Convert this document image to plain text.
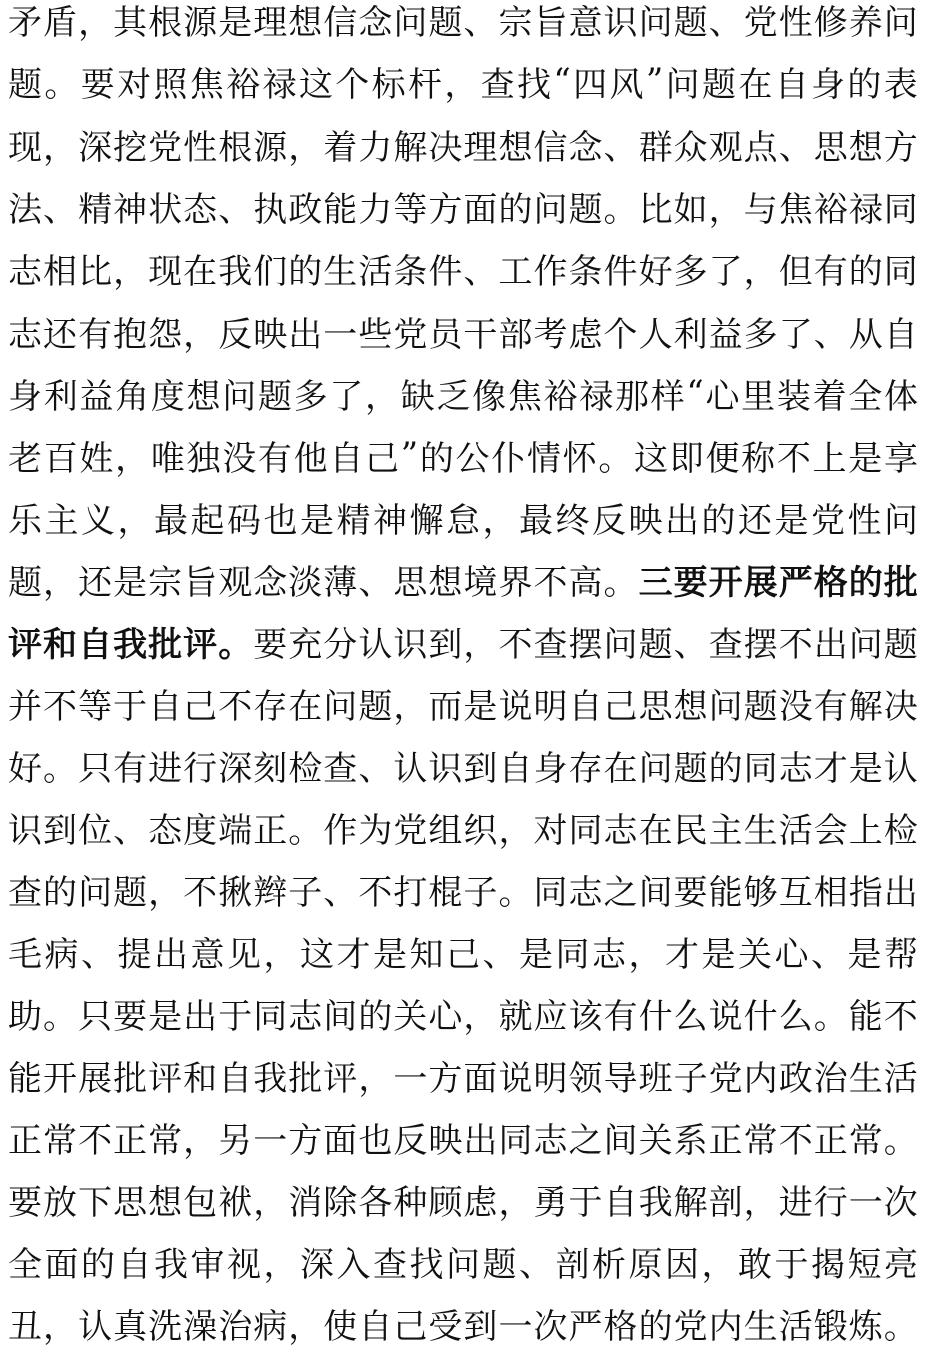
矛 盾 ， 其 根 源 是 理 想 信 念 问 题 、 宗 旨 意 识 问 题 、 党 性 修 养 问
题 。 要 对 照 焦 裕 禄 这 个 标 杆 ， 查 找 “ 四 风 ” 问 题 在 自 身 的 表
现 ， 深 挖 党 性 根 源 ， 着 力 解 决 理 想 信 念 、 群 众 观 点 、 思 想 方
法 、 精 神 状 态 、 执 政 能 力 等 方 面 的 问 题 。 比 如 ， 与 焦 裕 禄 同
志 相 比 ， 现 在 我 们 的 生 活 条 件 、 工 作 条 件 好 多 了 ， 但 有 的 同
志 还 有 抱 怨 ， 反 映 出 一 些 党 员 干 部 考 虑 个 人 利 益 多 了 、 从 自
身 利 益 角 度 想 问 题 多 了 ， 缺 乏 像 焦 裕 禄 那 样 “ 心 里 装 着 全 体
老 百 姓 ， 唯 独 没 有 他 自 己 ” 的 公 仆 情 怀 。 这 即 便 称 不 上 是 享
乐 主 义 ， 最 起 码 也 是 精 神 懈 怠 ， 最 终 反 映 出 的 还 是 党 性 问
题 ， 还 是 宗 旨 观 念 淡 薄 、 思 想 境 界 不 高 。 三 要 开 展 严 格 的 批
评 和 自 我 批 评 。 要 充 分 认 识 到 ， 不 查 摆 问 题 、 查 摆 不 出 问 题
并 不 等 于 自 己 不 存 在 问 题 ， 而 是 说 明 自 己 思 想 问 题 没 有 解 决
好 。 只 有 进 行 深 刻 检 查 、 认 识 到 自 身 存 在 问 题 的 同 志 才 是 认
识 到 位 、 态 度 端 正 。 作 为 党 组 织 ， 对 同 志 在 民 主 生 活 会 上 检
查 的 问 题 ， 不 揪 辫 子 、 不 打 棍 子 。 同 志 之 间 要 能 够 互 相 指 出
毛 病 、 提 出 意 见 ， 这 才 是 知 己 、 是 同 志 ， 才 是 关 心 、 是 帮
助 。 只 要 是 出 于 同 志 间 的 关 心 ， 就 应 该 有 什 么 说 什 么 。 能 不
能 开 展 批 评 和 自 我 批 评 ， 一 方 面 说 明 领 导 班 子 党 内 政 治 生 活
正 常 不 正 常 ， 另 一 方 面 也 反 映 出 同 志 之 间 关 系 正 常 不 正 常 。
要 放 下 思 想 包 袱 ， 消 除 各 种 顾 虑 ， 勇 于 自 我 解 剖 ， 进 行 一 次
全 面 的 自 我 审 视 ， 深 入 查 找 问 题 、 剖 析 原 因 ， 敢 于 揭 短 亮
丑 ， 认 真 洗 澡 治 病 ， 使 自 己 受 到 一 次 严 格 的 党 内 生 活 锻 炼 。
